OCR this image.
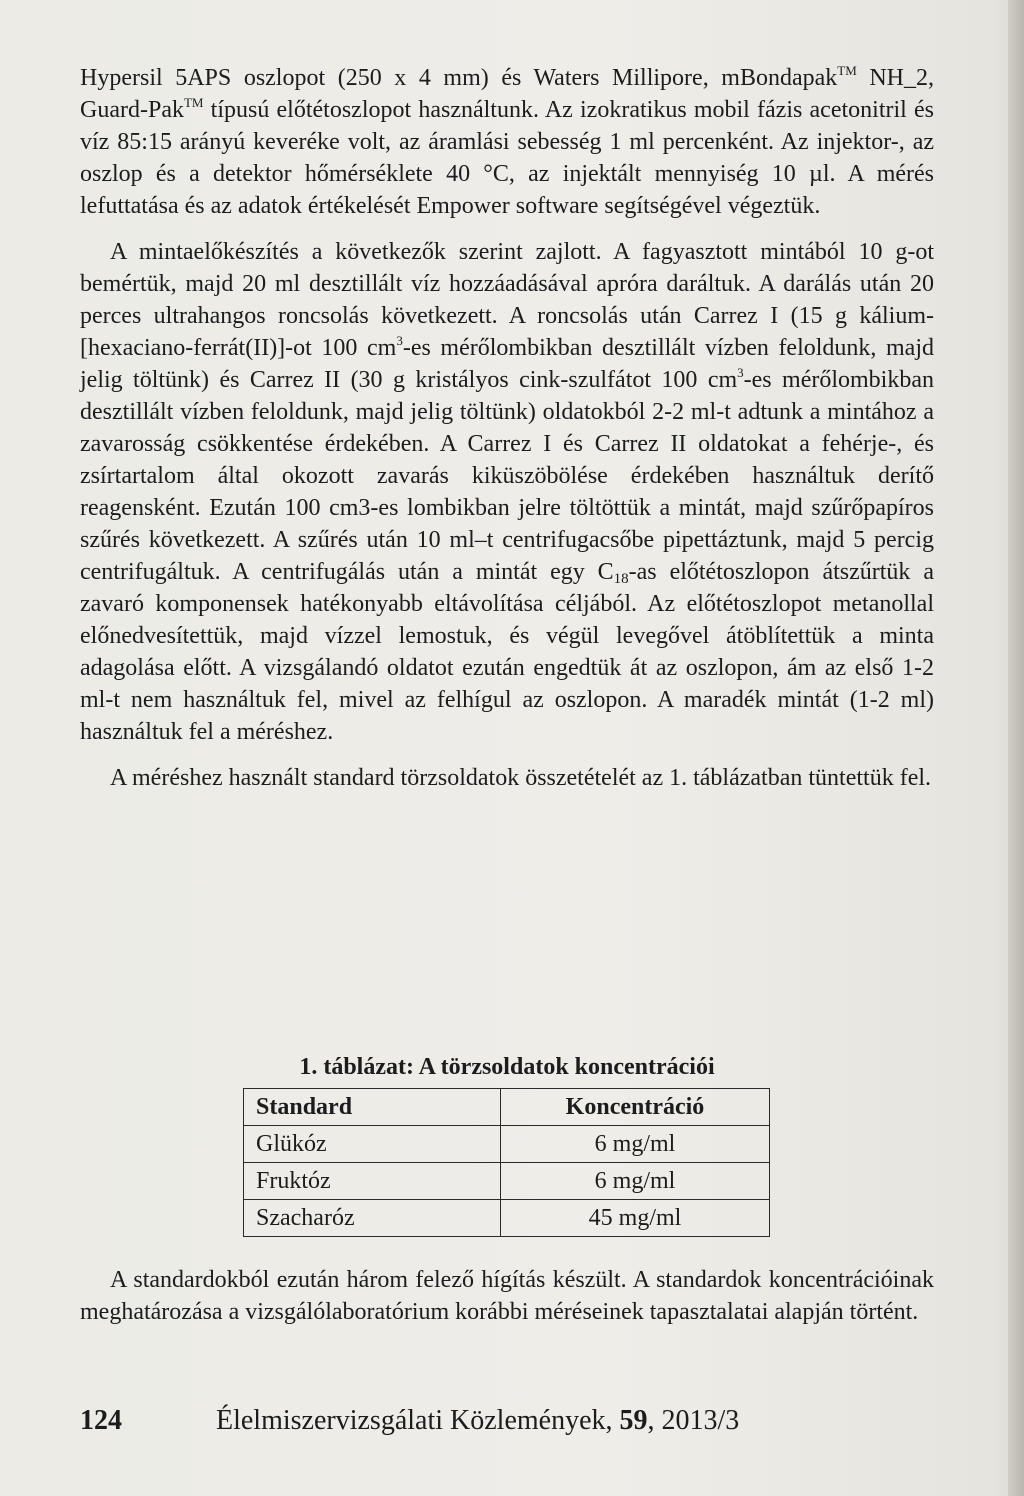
Hypersil 5APS oszlopot (250 x 4 mm) és Waters Millipore, mBondapak™ NH_2, Guard-Pak™ típusú előtétoszlopot használtunk. Az izokratikus mobil fázis acetonitril és víz 85:15 arányú keveréke volt, az áramlási sebesség 1 ml percenként. Az injektor-, az oszlop és a detektor hőmérséklete 40 °C, az injektált mennyiség 10 µl. A mérés lefuttatása és az adatok értékelését Empower software segítségével végeztük.

A mintaelőkészítés a következők szerint zajlott. A fagyasztott mintából 10 g-ot bemértük, majd 20 ml desztillált víz hozzáadásával apróra daráltuk. A darálás után 20 perces ultrahangos roncsolás következett. A roncsolás után Carrez I (15 g kálium-[hexaciano-ferrát(II)]-ot 100 $cm^3-es$ mérőlombikban desztillált vízben feloldunk, majd jelig töltünk) és Carrez II (30 g kristályos cink-szulfátot 100 $cm^3-es$ mérőlombikban desztillált vízben feloldunk, majd jelig töltünk) oldatokból 2-2 ml-t adtunk a mintához a zavarosság csökkentése érdekében. A Carrez I és Carrez II oldatokat a fehérje-, és zsírtartalom által okozott zavarás kiküszöbölése érdekében használtuk derítő reagensként. Ezután 100 cm3-es lombikban jelre töltöttük a mintát, majd szűrőpapíros szűrés következett. A szűrés után 10 ml–t centrifugacsőbe pipettáztunk, majd 5 percig centrifugáltuk. A centrifugálás után a mintát egy $C_{18}-as$ előtétoszlopon átszűrtük a zavaró komponensek hatékonyabb eltávolítása céljából. Az előtétoszlopot metanollal előnedvesítettük, majd vízzel lemostuk, és végül levegővel átöblítettük a minta adagolása előtt. A vizsgálandó oldatot ezután engedtük át az oszlopon, ám az első 1-2 ml-t nem használtuk fel, mivel az felhígul az oszlopon. A maradék mintát (1-2 ml) használtuk fel a méréshez.

A méréshez használt standard törzsoldatok összetételét az 1. táblázatban tüntettük fel.

1. táblázat: A törzsoldatok koncentrációi
Standard	Koncentráció
Glükóz	6 mg/ml
Fruktóz	6 mg/ml
Szacharóz	45 mg/ml

A standardokból ezután három felező hígítás készült. A standardok koncentrációinak meghatározása a vizsgálólaboratórium korábbi méréseinek tapasztalatai alapján történt.

124	Élelmiszervizsgálati Közlemények, 59, 2013/3
